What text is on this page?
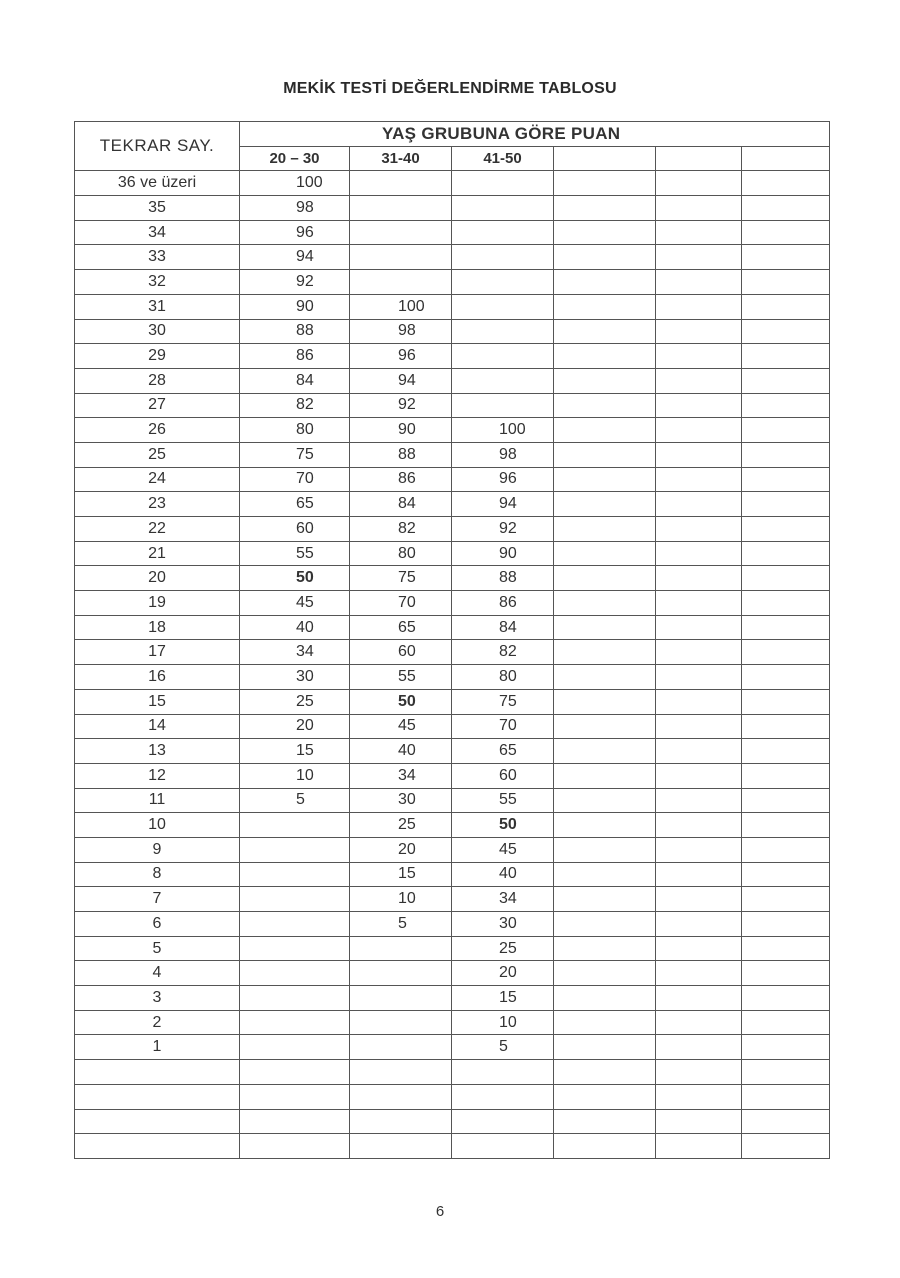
MEKİK TESTİ DEĞERLENDİRME TABLOSU
TEKRAR SAY.	YAŞ GRUBUNA GÖRE PUAN					
	20 – 30	31-40	41-50			
36 ve üzeri	100					
35	98					
34	96					
33	94					
32	92					
31	90	100				
30	88	98				
29	86	96				
28	84	94				
27	82	92				
26	80	90	100			
25	75	88	98			
24	70	86	96			
23	65	84	94			
22	60	82	92			
21	55	80	90			
20	50	75	88			
19	45	70	86			
18	40	65	84			
17	34	60	82			
16	30	55	80			
15	25	50	75			
14	20	45	70			
13	15	40	65			
12	10	34	60			
11	5	30	55			
10		25	50			
9		20	45			
8		15	40			
7		10	34			
6		5	30			
5			25			
4			20			
3			15			
2			10			
1			5			

6
